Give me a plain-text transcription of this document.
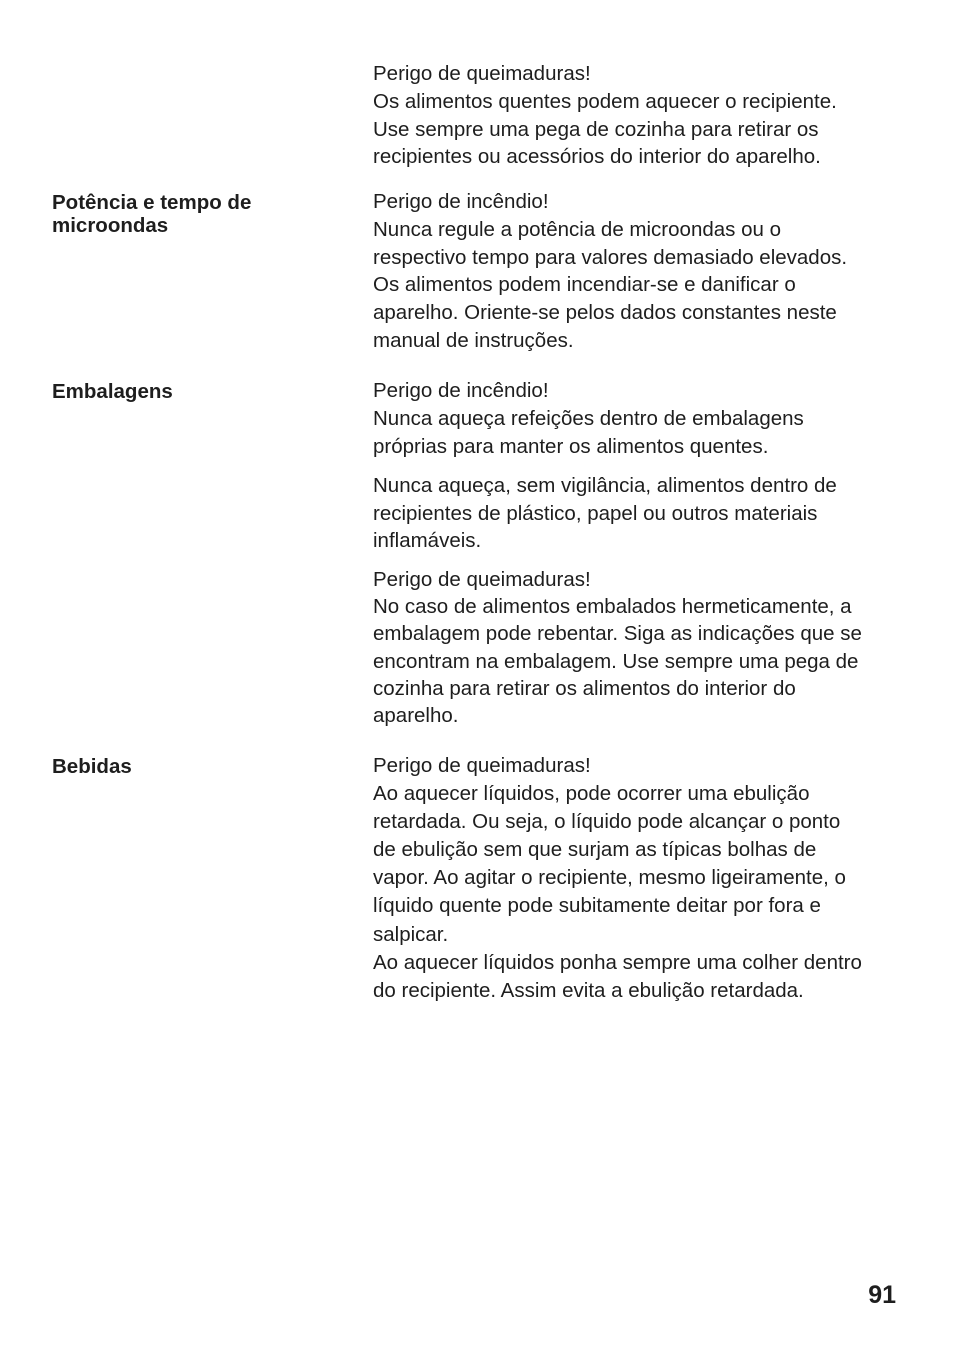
Perigo de queimaduras!
Os alimentos quentes podem aquecer o recipiente.
Use sempre uma pega de cozinha para retirar os
recipientes ou acessórios do interior do aparelho.
Potência e tempo de
microondas
Perigo de incêndio!
Nunca regule a potência de microondas ou o
respectivo tempo para valores demasiado elevados.
Os alimentos podem incendiar-se e danificar o
aparelho. Oriente-se pelos dados constantes neste
manual de instruções.
Embalagens	Perigo de incêndio!
Nunca aqueça refeições dentro de embalagens
próprias para manter os alimentos quentes.
Nunca aqueça, sem vigilância, alimentos dentro de
recipientes de plástico, papel ou outros materiais
inflamáveis.
Perigo de queimaduras!
No caso de alimentos embalados hermeticamente, a
embalagem pode rebentar. Siga as indicações que se
encontram na embalagem. Use sempre uma pega de
cozinha para retirar os alimentos do interior do
aparelho.
Bebidas	Perigo de queimaduras!
Ao aquecer líquidos, pode ocorrer uma ebulição
retardada. Ou seja, o líquido pode alcançar o ponto
de ebulição sem que surjam as típicas bolhas de
vapor. Ao agitar o recipiente, mesmo ligeiramente, o
líquido quente pode subitamente deitar por fora e
salpicar.
Ao aquecer líquidos ponha sempre uma colher dentro
do recipiente. Assim evita a ebulição retardada.
91
